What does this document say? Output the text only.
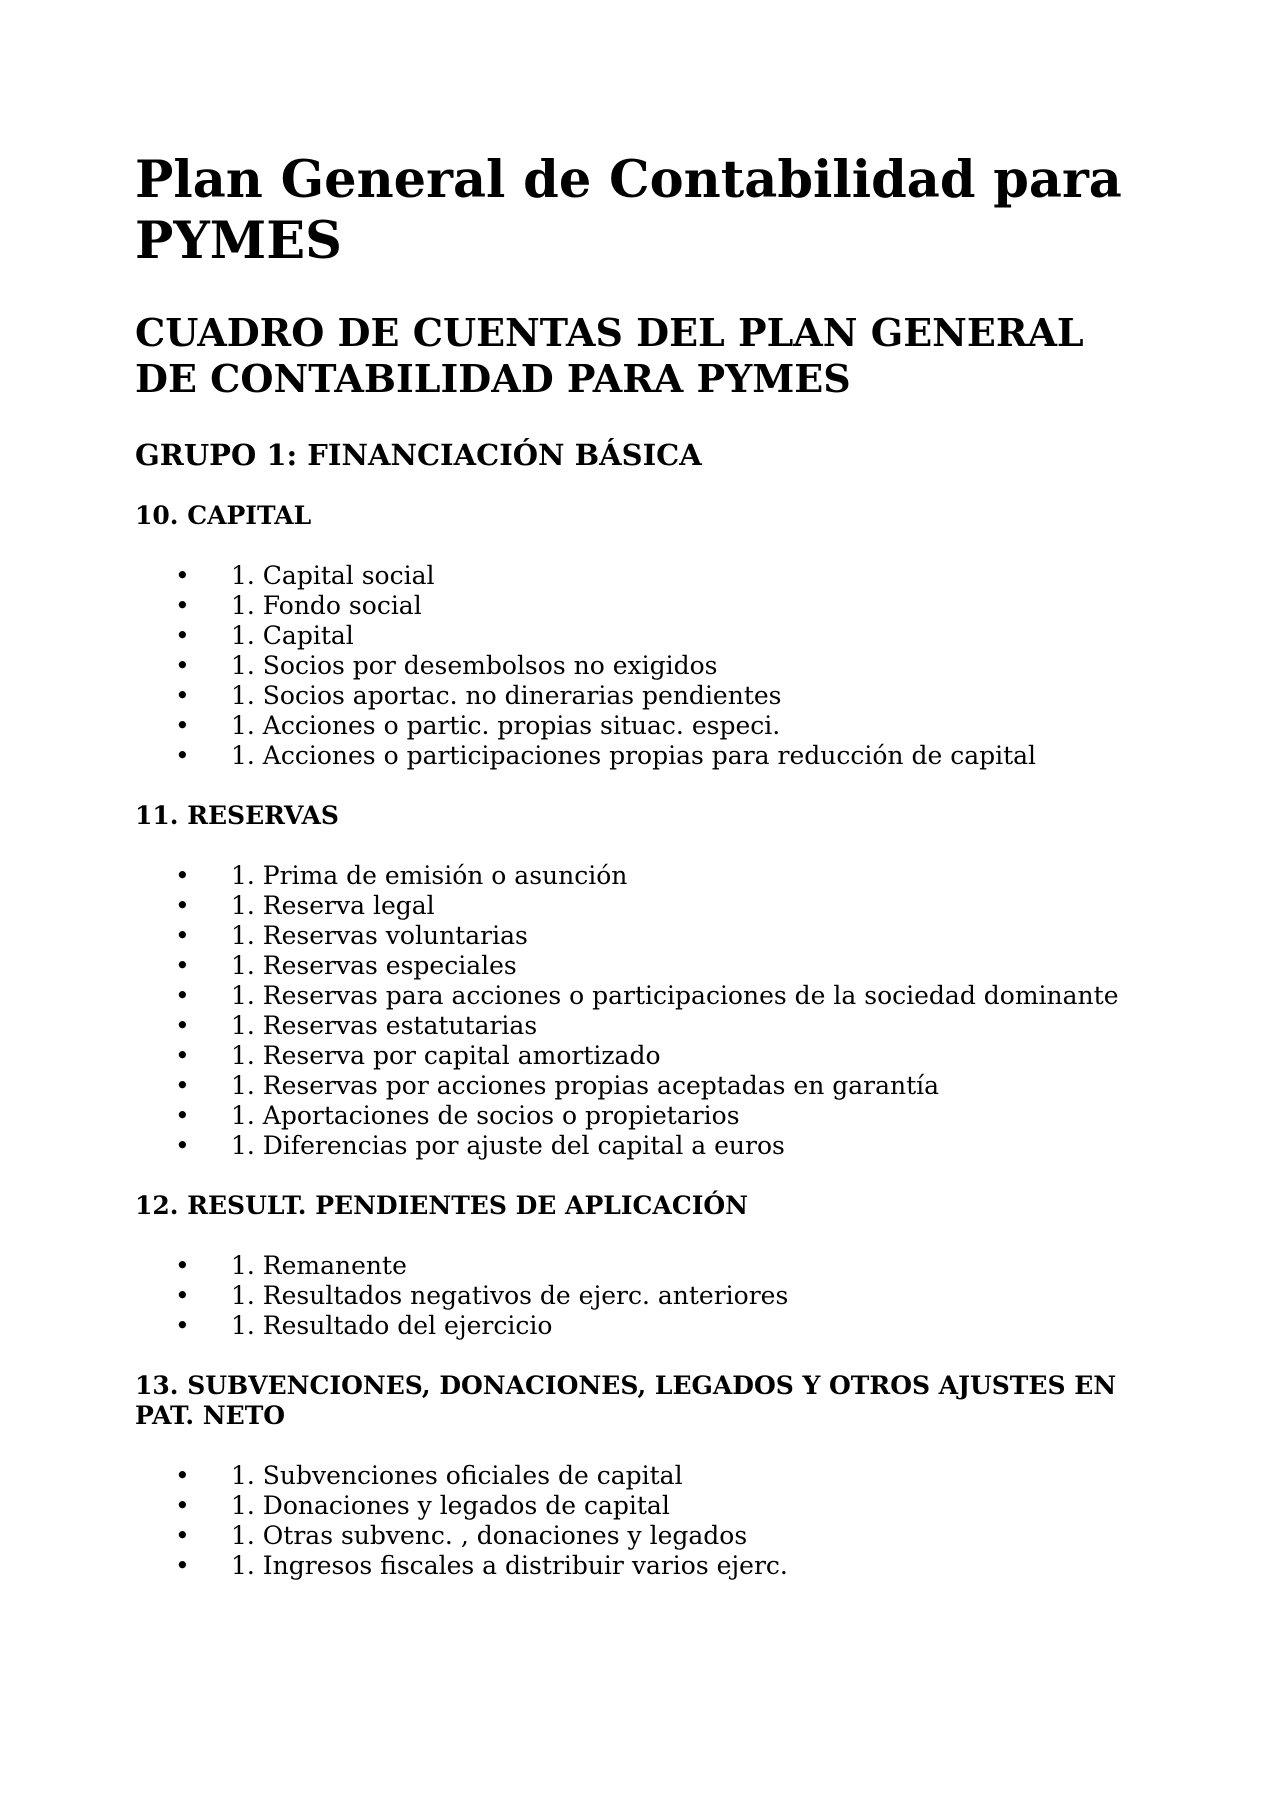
Plan General de Contabilidad para PYMES
CUADRO DE CUENTAS DEL PLAN GENERAL DE CONTABILIDAD PARA PYMES
GRUPO 1: FINANCIACIÓN BÁSICA
10. CAPITAL
• 1. Capital social
• 1. Fondo social
• 1. Capital
• 1. Socios por desembolsos no exigidos
• 1. Socios aportac. no dinerarias pendientes
• 1. Acciones o partic. propias situac. especi.
• 1. Acciones o participaciones propias para reducción de capital
11. RESERVAS
• 1. Prima de emisión o asunción
• 1. Reserva legal
• 1. Reservas voluntarias
• 1. Reservas especiales
• 1. Reservas para acciones o participaciones de la sociedad dominante
• 1. Reservas estatutarias
• 1. Reserva por capital amortizado
• 1. Reservas por acciones propias aceptadas en garantía
• 1. Aportaciones de socios o propietarios
• 1. Diferencias por ajuste del capital a euros
12. RESULT. PENDIENTES DE APLICACIÓN
• 1. Remanente
• 1. Resultados negativos de ejerc. anteriores
• 1. Resultado del ejercicio
13. SUBVENCIONES, DONACIONES, LEGADOS Y OTROS AJUSTES EN PAT. NETO
• 1. Subvenciones oficiales de capital
• 1. Donaciones y legados de capital
• 1. Otras subvenc. , donaciones y legados
• 1. Ingresos fiscales a distribuir varios ejerc.
